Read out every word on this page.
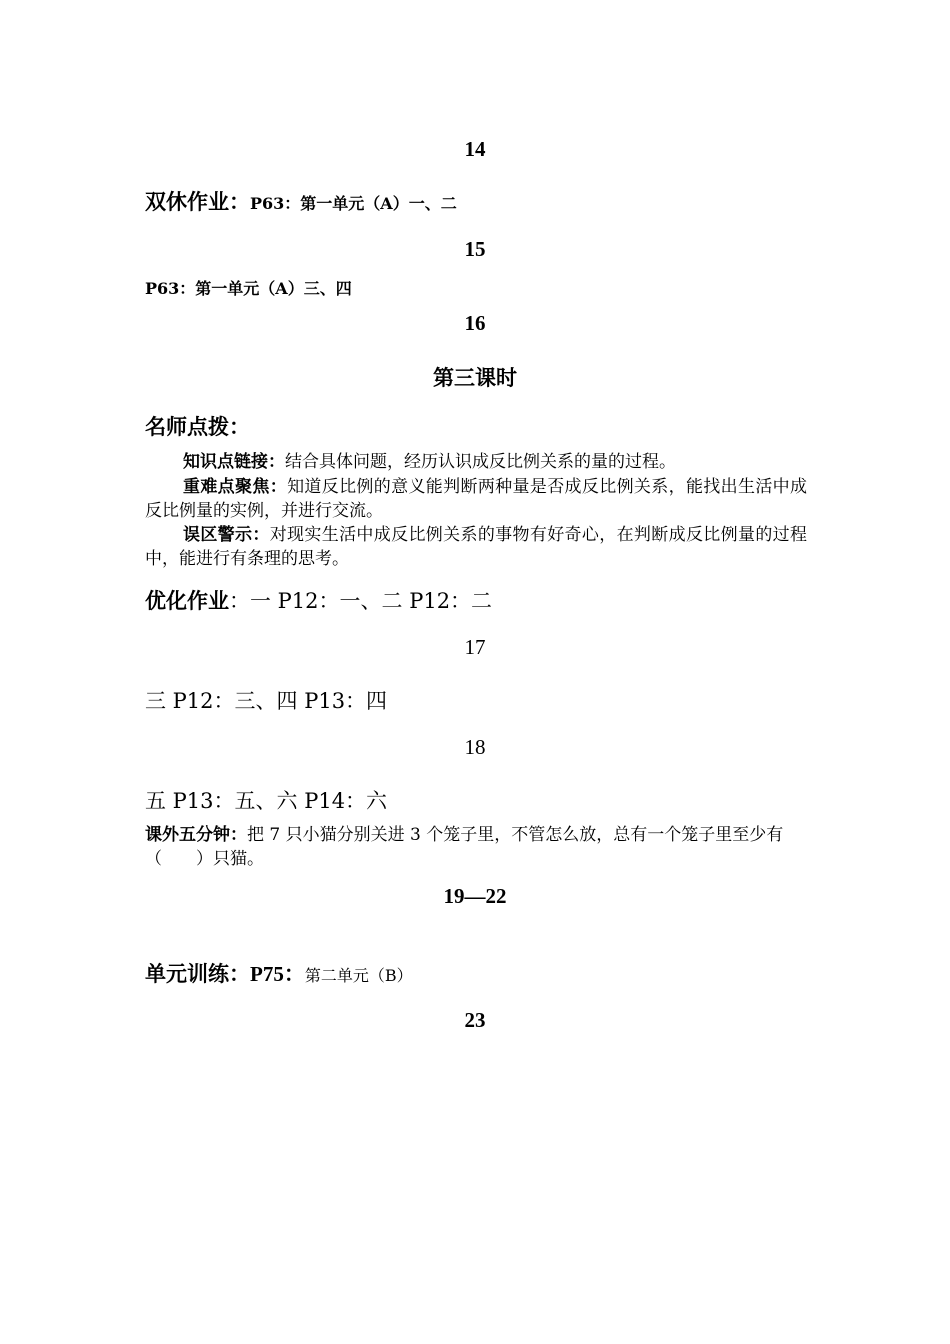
14
双休作业：P63：第一单元（A）一、二
15
P63：第一单元（A）三、四
16
第三课时
名师点拨：
知识点链接：结合具体问题，经历认识成反比例关系的量的过程。
重难点聚焦：知道反比例的意义能判断两种量是否成反比例关系，能找出生活中成反比例量的实例，并进行交流。
误区警示：对现实生活中成反比例关系的事物有好奇心，在判断成反比例量的过程中，能进行有条理的思考。
优化作业：一 P12：一、二 P12：二
17
三 P12：三、四 P13：四
18
五 P13：五、六 P14：六
课外五分钟：把 7 只小猫分别关进 3 个笼子里，不管怎么放，总有一个笼子里至少有（　　）只猫。
19—22
单元训练：P75：第二单元（B）
23
